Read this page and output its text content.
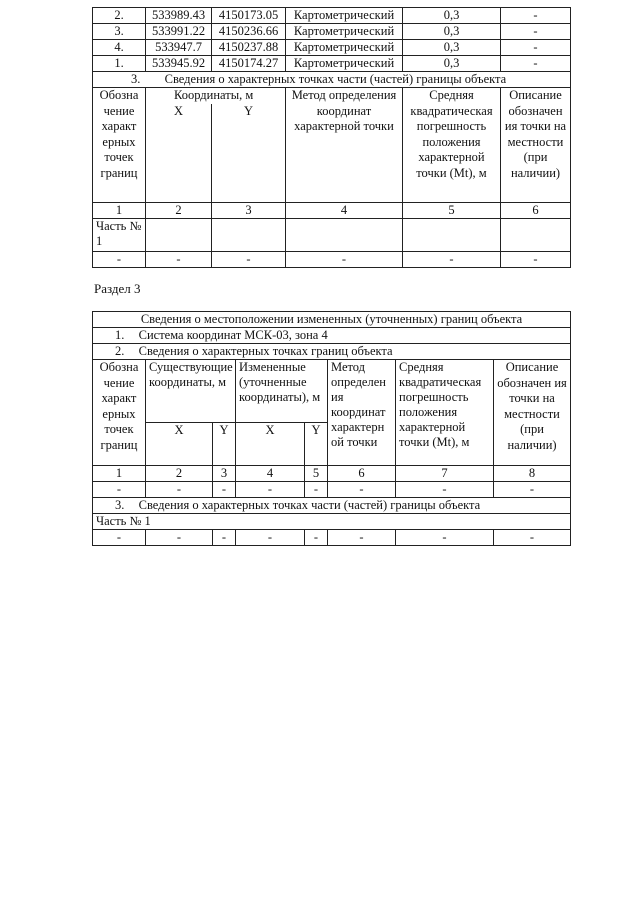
2.	533989.43	4150173.05	Картометрический	0,3	-
3.	533991.22	4150236.66	Картометрический	0,3	-
4.	533947.7	4150237.88	Картометрический	0,3	-
1.	533945.92	4150174.27	Картометрический	0,3	-
3. Сведения о характерных точках части (частей) границы объекта					
Обозна чение характ ерных точек границ	Координаты, м		Метод определения координат характерной точки	Средняя квадратическая погрешность положения характерной точки (Mt), м	Описание обозначен ия точки на местности (при наличии)
	X	Y			
1	2	3	4	5	6
Часть № 1					
-	-	-	-	-	-
Раздел 3
Сведения о местоположении измененных (уточненных) границ объекта							
1. Система координат МСК-03, зона 4							
2. Сведения о характерных точках границ объекта							
Обозна чение характ ерных точек границ	Существующие координаты, м		Измененные (уточненные координаты), м		Метод определен ия координат характерн ой точки	Средняя квадратическая погрешность положения характерной точки (Mt), м	Описание обозначен ия точки на местности (при наличии)
	X	Y	X	Y			
1	2	3	4	5	6	7	8
-	-	-	-	-	-	-	-
3. Сведения о характерных точках части (частей) границы объекта							
Часть № 1							
-	-	-	-	-	-	-	-
